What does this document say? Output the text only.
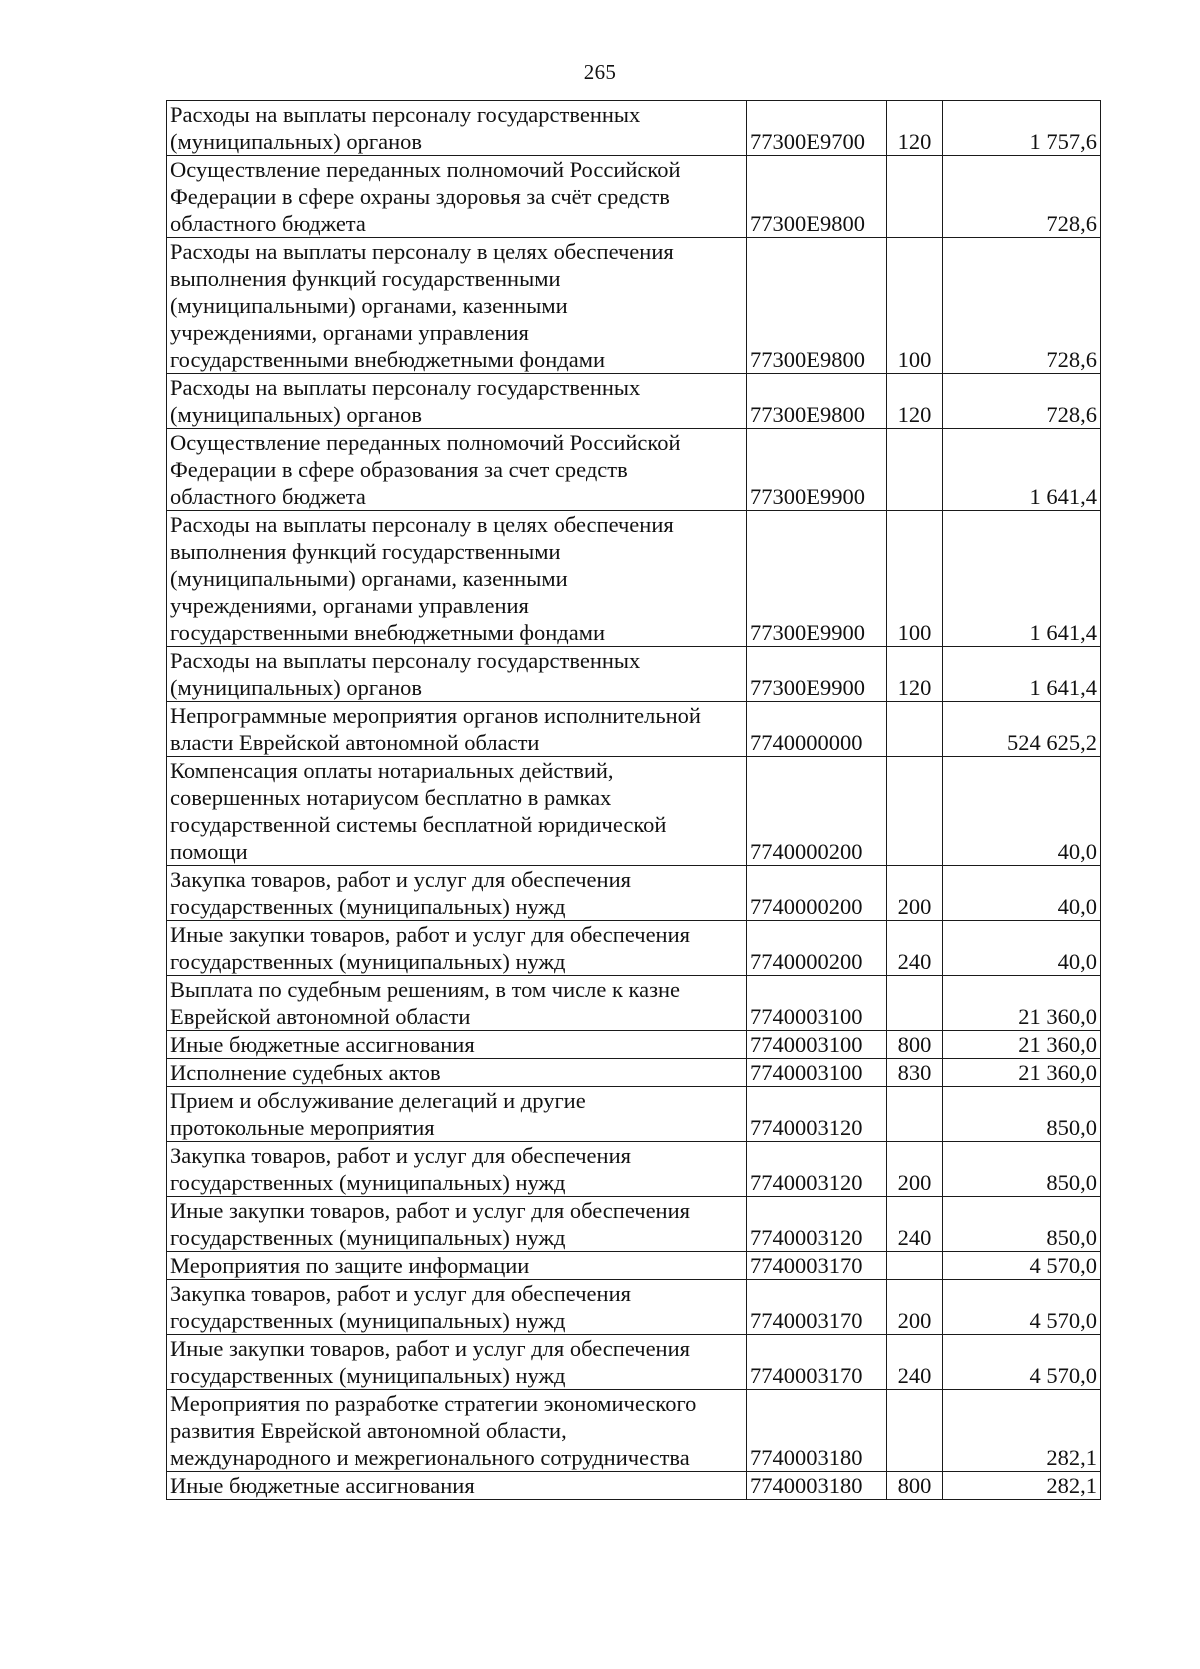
265
Расходы на выплаты персоналу государственных
(муниципальных) органов	77300E9700	120	1 757,6
Осуществление переданных полномочий Российской
Федерации в сфере охраны здоровья за счёт средств
областного бюджета	77300E9800		728,6
Расходы на выплаты персоналу в целях обеспечения
выполнения функций государственными
(муниципальными) органами, казенными
учреждениями, органами управления
государственными внебюджетными фондами	77300E9800	100	728,6
Расходы на выплаты персоналу государственных
(муниципальных) органов	77300E9800	120	728,6
Осуществление переданных полномочий Российской
Федерации в сфере образования за счет средств
областного бюджета	77300E9900		1 641,4
Расходы на выплаты персоналу в целях обеспечения
выполнения функций государственными
(муниципальными) органами, казенными
учреждениями, органами управления
государственными внебюджетными фондами	77300E9900	100	1 641,4
Расходы на выплаты персоналу государственных
(муниципальных) органов	77300E9900	120	1 641,4
Непрограммные мероприятия органов исполнительной
власти Еврейской автономной области	7740000000		524 625,2
Компенсация оплаты нотариальных действий,
совершенных нотариусом бесплатно в рамках
государственной системы бесплатной юридической
помощи	7740000200		40,0
Закупка товаров, работ и услуг для обеспечения
государственных (муниципальных) нужд	7740000200	200	40,0
Иные закупки товаров, работ и услуг для обеспечения
государственных (муниципальных) нужд	7740000200	240	40,0
Выплата по судебным решениям, в том числе к казне
Еврейской автономной области	7740003100		21 360,0
Иные бюджетные ассигнования	7740003100	800	21 360,0
Исполнение судебных актов	7740003100	830	21 360,0
Прием и обслуживание делегаций и другие
протокольные мероприятия	7740003120		850,0
Закупка товаров, работ и услуг для обеспечения
государственных (муниципальных) нужд	7740003120	200	850,0
Иные закупки товаров, работ и услуг для обеспечения
государственных (муниципальных) нужд	7740003120	240	850,0
Мероприятия по защите информации	7740003170		4 570,0
Закупка товаров, работ и услуг для обеспечения
государственных (муниципальных) нужд	7740003170	200	4 570,0
Иные закупки товаров, работ и услуг для обеспечения
государственных (муниципальных) нужд	7740003170	240	4 570,0
Мероприятия по разработке стратегии экономического
развития Еврейской автономной области,
международного и межрегионального сотрудничества	7740003180		282,1
Иные бюджетные ассигнования	7740003180	800	282,1
